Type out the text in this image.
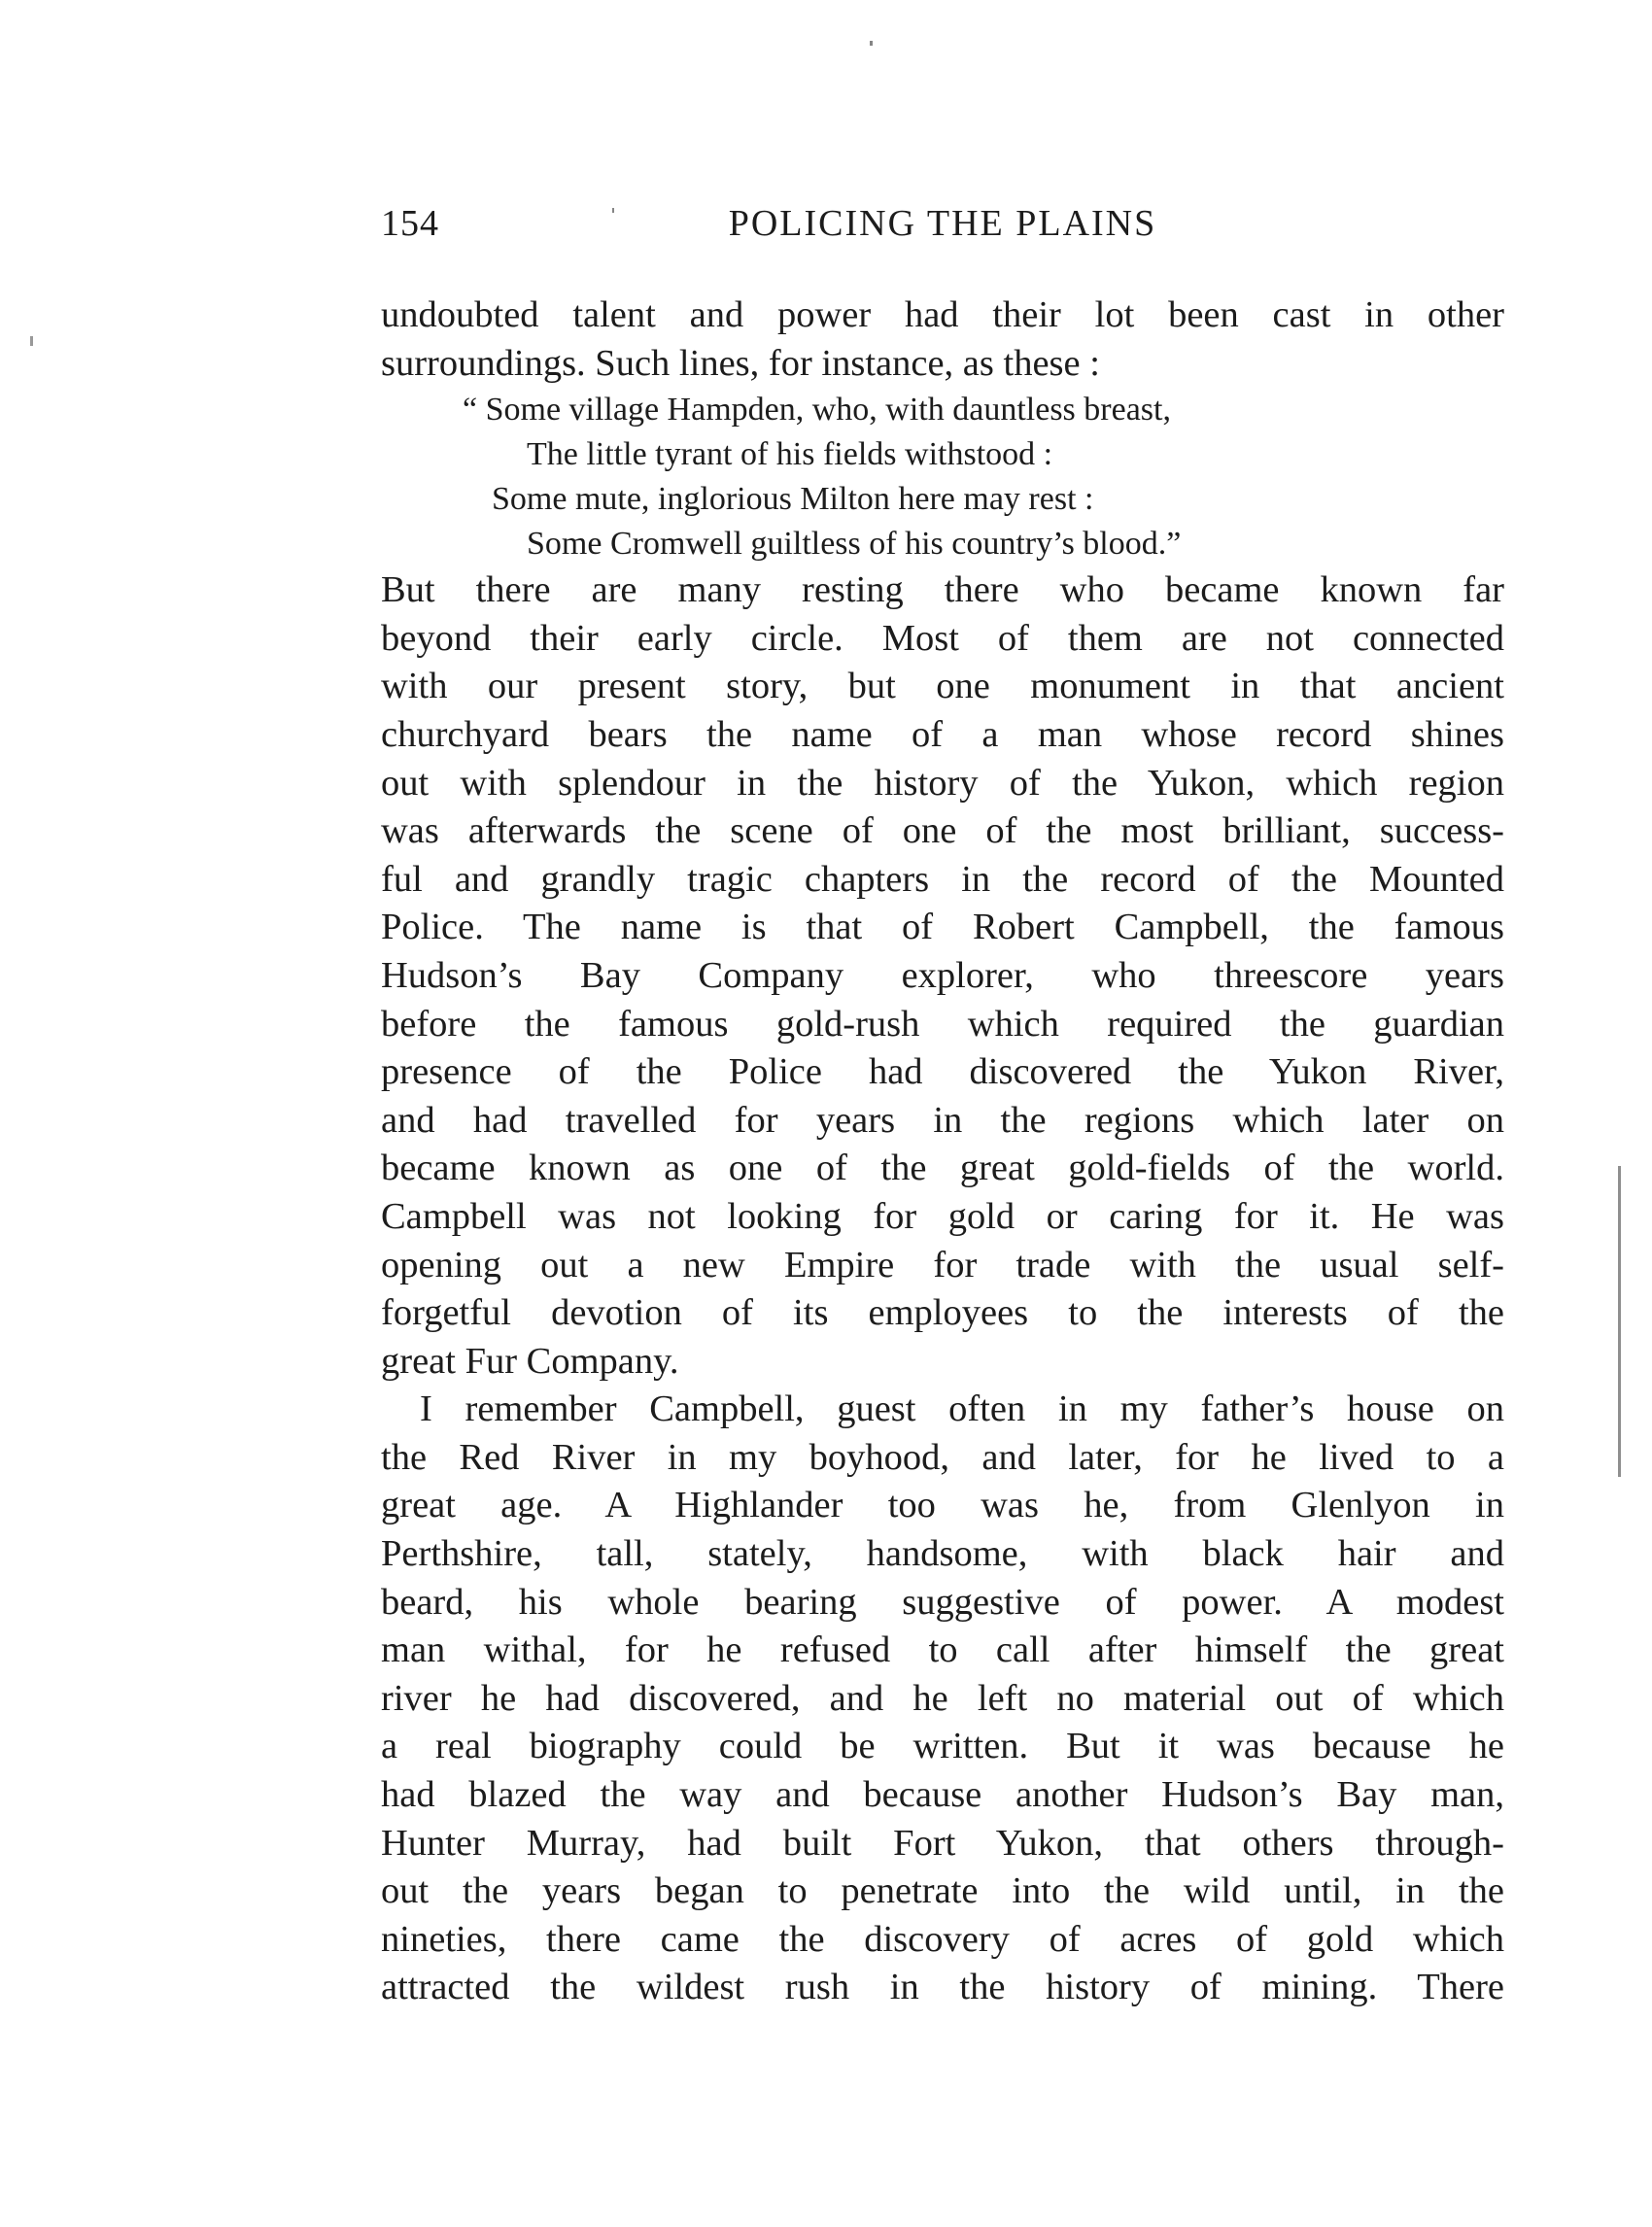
154	POLICING THE PLAINS
undoubted talent and power had their lot been cast in other
surroundings. Such lines, for instance, as these :
“ Some village Hampden, who, with dauntless breast,
The little tyrant of his fields withstood :
Some mute, inglorious Milton here may rest :
Some Cromwell guiltless of his country’s blood.”
But there are many resting there who became known far
beyond their early circle. Most of them are not connected
with our present story, but one monument in that ancient
churchyard bears the name of a man whose record shines
out with splendour in the history of the Yukon, which region
was afterwards the scene of one of the most brilliant, success-
ful and grandly tragic chapters in the record of the Mounted
Police. The name is that of Robert Campbell, the famous
Hudson’s Bay Company explorer, who threescore years
before the famous gold-rush which required the guardian
presence of the Police had discovered the Yukon River,
and had travelled for years in the regions which later on
became known as one of the great gold-fields of the world.
Campbell was not looking for gold or caring for it. He was
opening out a new Empire for trade with the usual self-
forgetful devotion of its employees to the interests of the
great Fur Company.
I remember Campbell, guest often in my father’s house on
the Red River in my boyhood, and later, for he lived to a
great age. A Highlander too was he, from Glenlyon in
Perthshire, tall, stately, handsome, with black hair and
beard, his whole bearing suggestive of power. A modest
man withal, for he refused to call after himself the great
river he had discovered, and he left no material out of which
a real biography could be written. But it was because he
had blazed the way and because another Hudson’s Bay man,
Hunter Murray, had built Fort Yukon, that others through-
out the years began to penetrate into the wild until, in the
nineties, there came the discovery of acres of gold which
attracted the wildest rush in the history of mining. There
